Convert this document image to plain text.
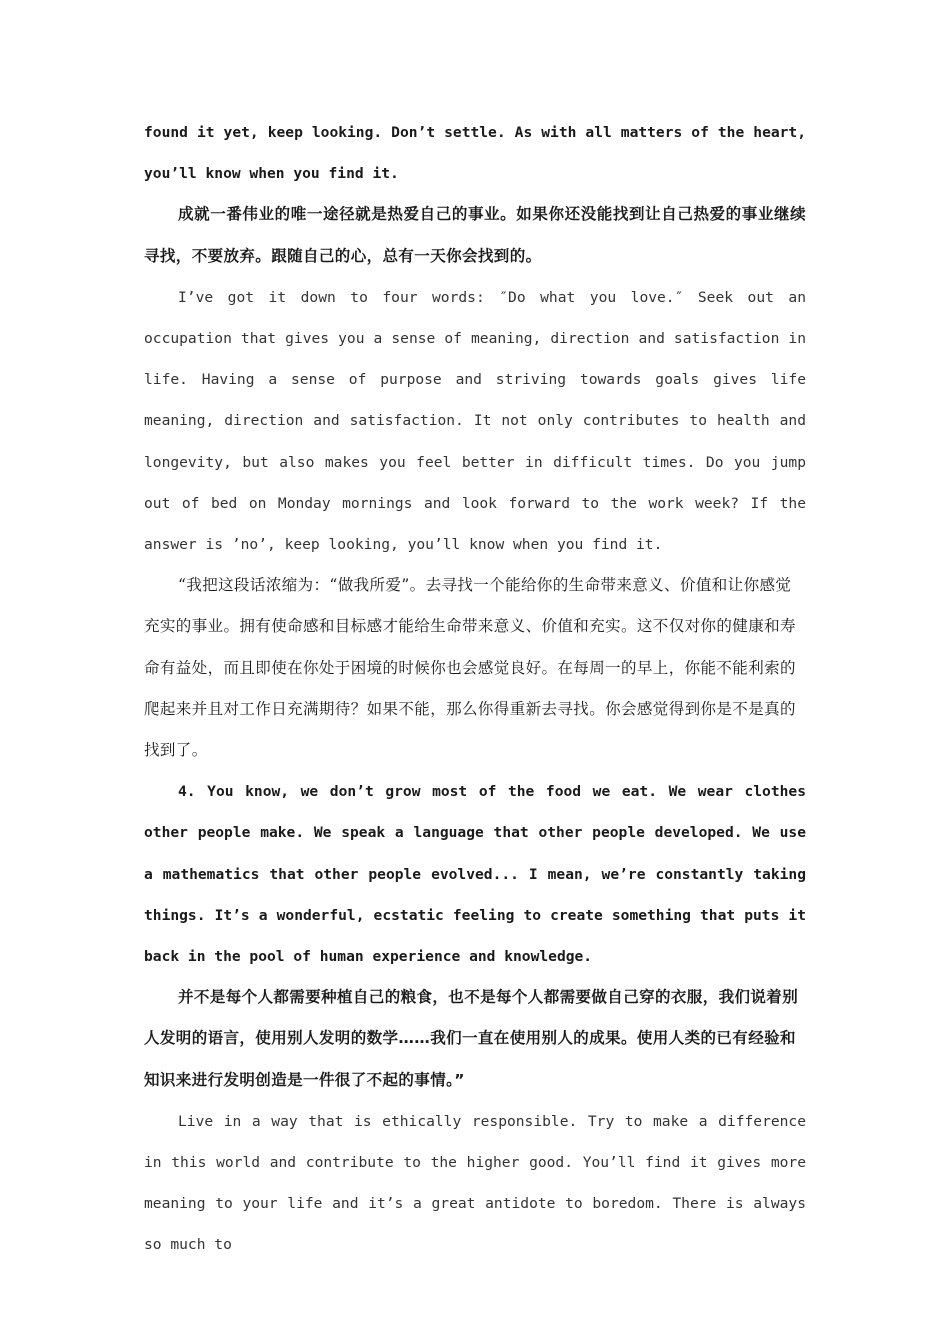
found it yet, keep looking. Don’t settle. As with all matters of the heart, you’ll know when you find it.

成就一番伟业的唯一途径就是热爱自己的事业。如果你还没能找到让自己热爱的事业继续寻找，不要放弃。跟随自己的心，总有一天你会找到的。

I’ve got it down to four words: ″Do what you love.″ Seek out an occupation that gives you a sense of meaning, direction and satisfaction in life. Having a sense of purpose and striving towards goals gives life meaning, direction and satisfaction. It not only contributes to health and longevity, but also makes you feel better in difficult times. Do you jump out of bed on Monday mornings and look forward to the work week? If the answer is ’no’, keep looking, you’ll know when you find it.

“我把这段话浓缩为：“做我所爱”。去寻找一个能给你的生命带来意义、价值和让你感觉充实的事业。拥有使命感和目标感才能给生命带来意义、价值和充实。这不仅对你的健康和寿命有益处，而且即使在你处于困境的时候你也会感觉良好。在每周一的早上，你能不能利索的爬起来并且对工作日充满期待？如果不能，那么你得重新去寻找。你会感觉得到你是不是真的找到了。

4. You know, we don’t grow most of the food we eat. We wear clothes other people make. We speak a language that other people developed. We use a mathematics that other people evolved... I mean, we’re constantly taking things. It’s a wonderful, ecstatic feeling to create something that puts it back in the pool of human experience and knowledge.

并不是每个人都需要种植自己的粮食，也不是每个人都需要做自己穿的衣服，我们说着别人发明的语言，使用别人发明的数学……我们一直在使用别人的成果。使用人类的已有经验和知识来进行发明创造是一件很了不起的事情。”

Live in a way that is ethically responsible. Try to make a difference in this world and contribute to the higher good. You’ll find it gives more meaning to your life and it’s a great antidote to boredom. There is always so much to
